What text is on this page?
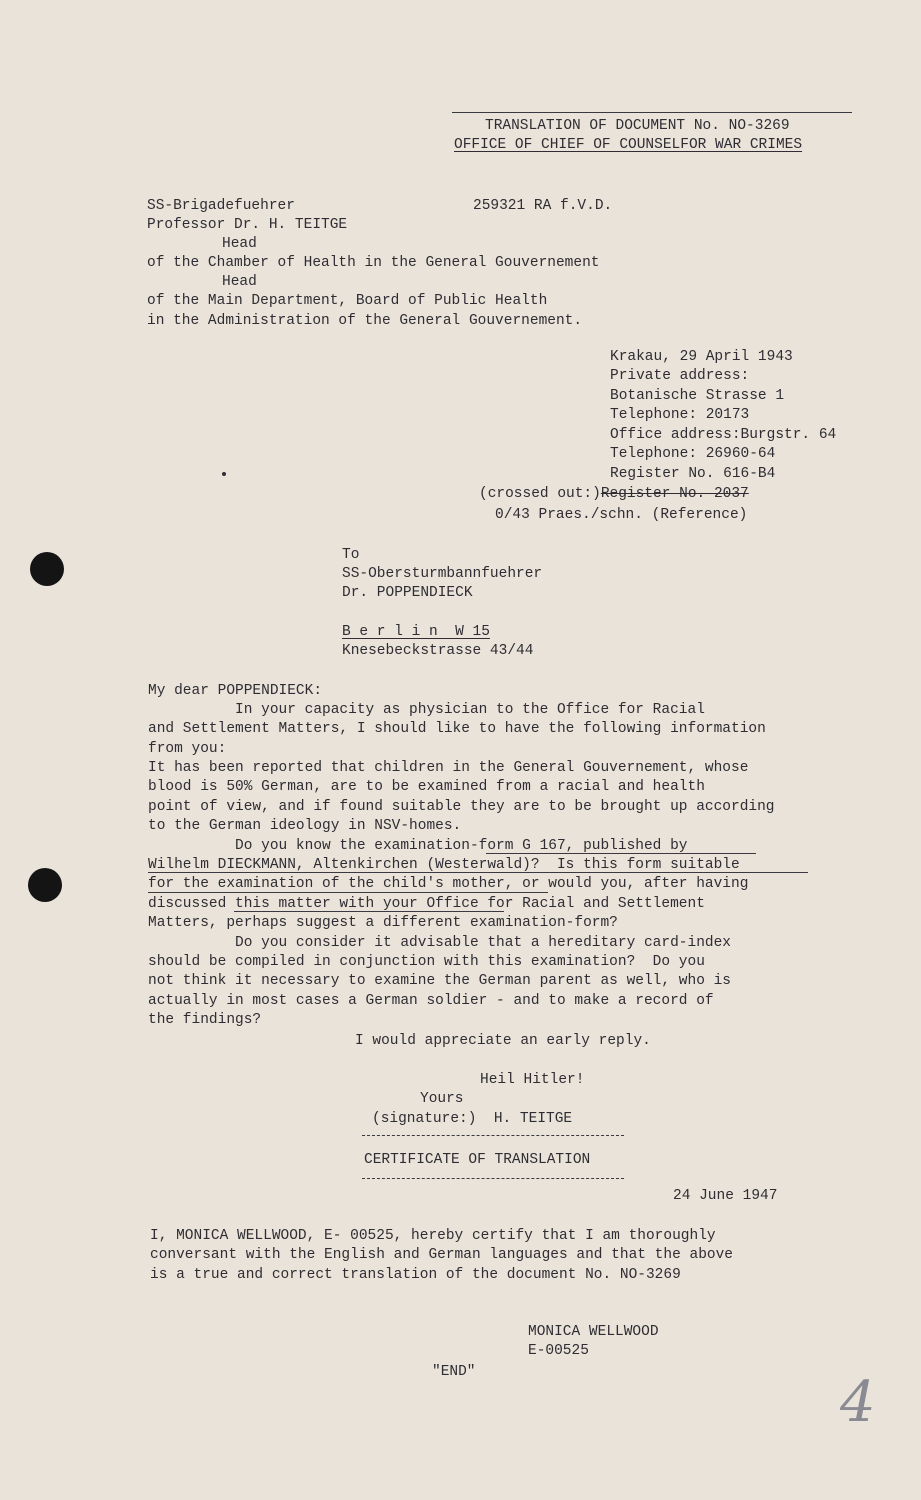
TRANSLATION OF DOCUMENT No. NO-3269
OFFICE OF CHIEF OF COUNSELFOR WAR CRIMES
SS-Brigadefuehrer	259321 RA f.V.D.
Professor Dr. H. TEITGE
Head
of the Chamber of Health in the General Gouvernement
Head
of the Main Department, Board of Public Health
in the Administration of the General Gouvernement.
Krakau, 29 April 1943
Private address:
Botanische Strasse 1
Telephone: 20173
Office address:Burgstr. 64
Telephone: 26960-64
Register No. 616-B4
(crossed out:)Register No. 2037
0/43 Praes./schn. (Reference)
To
SS-Obersturmbannfuehrer
Dr. POPPENDIECK
B e r l i n  W 15
Knesebeckstrasse 43/44
My dear POPPENDIECK:
In your capacity as physician to the Office for Racial
and Settlement Matters, I should like to have the following information
from you:
It has been reported that children in the General Gouvernement, whose
blood is 50% German, are to be examined from a racial and health
point of view, and if found suitable they are to be brought up according
to the German ideology in NSV-homes.
Do you know the examination-form G 167, published by
Wilhelm DIECKMANN, Altenkirchen (Westerwald)?  Is this form suitable
for the examination of the child's mother, or would you, after having
discussed this matter with your Office for Racial and Settlement
Matters, perhaps suggest a different examination-form?
Do you consider it advisable that a hereditary card-index
should be compiled in conjunction with this examination?  Do you
not think it necessary to examine the German parent as well, who is
actually in most cases a German soldier - and to make a record of
the findings?
I would appreciate an early reply.
Heil Hitler!
Yours
(signature:)  H. TEITGE
CERTIFICATE OF TRANSLATION
24 June 1947
I, MONICA WELLWOOD, E- 00525, hereby certify that I am thoroughly
conversant with the English and German languages and that the above
is a true and correct translation of the document No. NO-3269
MONICA WELLWOOD
E-00525
"END"	4
